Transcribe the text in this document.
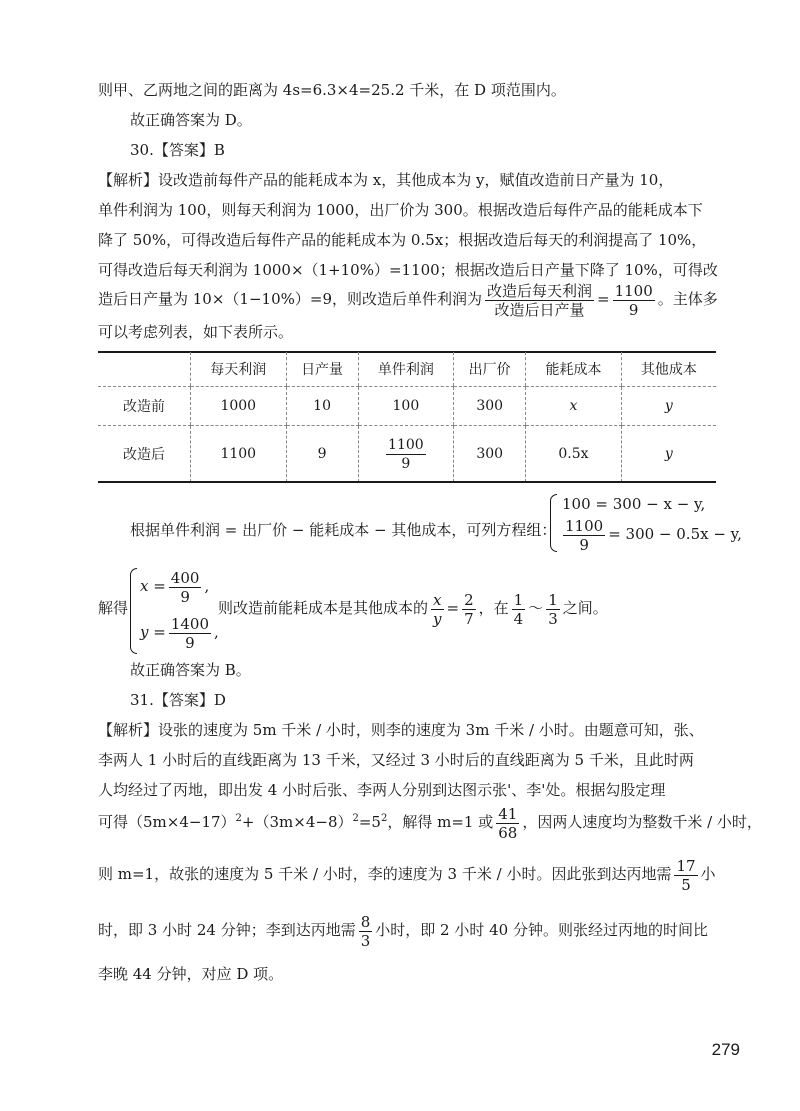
则甲、乙两地之间的距离为 4s=6.3×4=25.2 千米，在 D 项范围内。
故正确答案为 D。
30.【答案】B
【解析】设改造前每件产品的能耗成本为 x，其他成本为 y，赋值改造前日产量为 10，
单件利润为 100，则每天利润为 1000，出厂价为 300。根据改造后每件产品的能耗成本下
降了 50%，可得改造后每件产品的能耗成本为 0.5x；根据改造后每天的利润提高了 10%，
可得改造后每天利润为 1000×（1+10%）=1100；根据改造后日产量下降了 10%，可得改
造后日产量为 10×（1−10%）=9，则改造后单件利润为 $\frac{\text{改造后每天利润}}{\text{改造后日产量}} = \frac{1100}{9}$ 。主体多
可以考虑列表，如下表所示。
	每天利润	日产量	单件利润	出厂价	能耗成本	其他成本
改造前	1000	10	100	300	x	y
改造后	1100	9	$\frac{1100}{9}$	300	0.5x	y
根据单件利润 = 出厂价 − 能耗成本 − 其他成本，可列方程组：
100 = 300 − x − y,
$\frac{1100}{9} = 300 - 0.5x - y$,
解得
$x = \frac{400}{9}$ ,
$y = \frac{1400}{9}$ ,
则改造前能耗成本是其他成本的 $\frac{x}{y} = \frac{2}{7}$ ，在 $\frac{1}{4}$ ～ $\frac{1}{3}$ 之间。
故正确答案为 B。
31.【答案】D
【解析】设张的速度为 5m 千米 / 小时，则李的速度为 3m 千米 / 小时。由题意可知，张、
李两人 1 小时后的直线距离为 13 千米，又经过 3 小时后的直线距离为 5 千米，且此时两
人均经过了丙地，即出发 4 小时后张、李两人分别到达图示张'、李'处。根据勾股定理
可得$(5m\times 4-17)^2+(3m\times 4-8)^2=5^2$，解得 m=1 或 $\frac{41}{68}$ ，因两人速度均为整数千米 / 小时，
则 m=1，故张的速度为 5 千米 / 小时，李的速度为 3 千米 / 小时。因此张到达丙地需 $\frac{17}{5}$ 小
时，即 3 小时 24 分钟；李到达丙地需 $\frac{8}{3}$ 小时，即 2 小时 40 分钟。则张经过丙地的时间比
李晚 44 分钟，对应 D 项。
279
